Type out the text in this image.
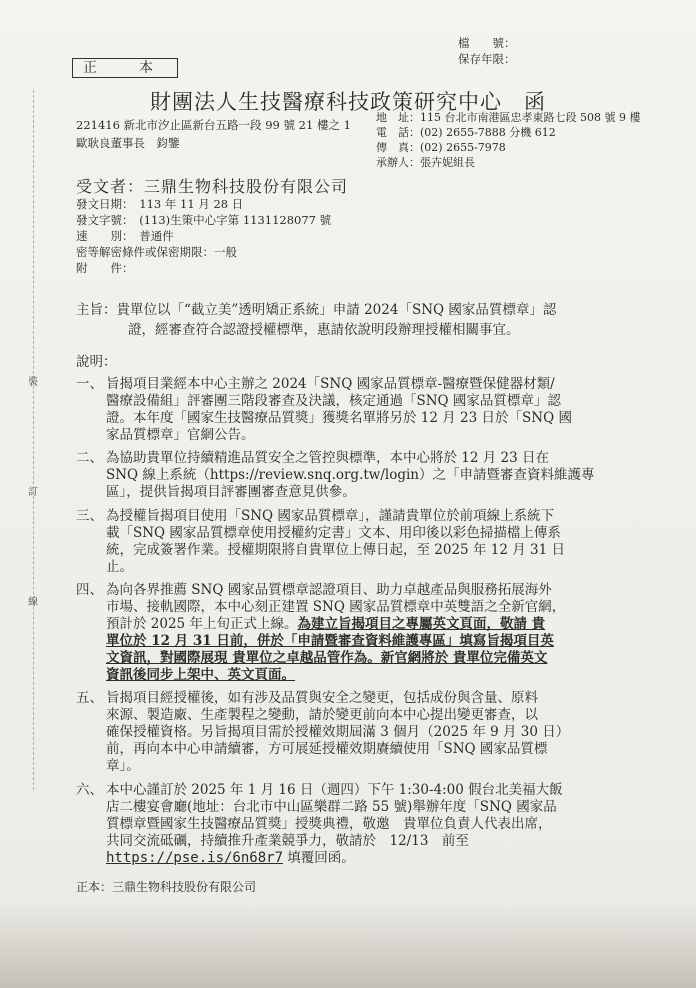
裝
訂
線
檔　　號：
保存年限：
正　本
財團法人生技醫療科技政策研究中心　函
221416 新北市汐止區新台五路一段 99 號 21 樓之 1
歐耿良董事長　鈞鑒
地　址：115 台北市南港區忠孝東路七段 508 號 9 樓
電　話：(02) 2655-7888 分機 612
傳　真：(02) 2655-7978
承辦人：張卉妮組長
受文者：三鼎生物科技股份有限公司
發文日期：　113 年 11 月 28 日
發文字號：　(113)生策中心字第 1131128077 號
速　　別：　普通件
密等解密條件或保密期限：一般
附　　件：
主旨：貴單位以「“截立美”透明矯正系統」申請 2024「SNQ 國家品質標章」認
證，經審查符合認證授權標準，惠請依說明段辦理授權相關事宜。
說明：
一、 旨揭項目業經本中心主辦之 2024「SNQ 國家品質標章-醫療暨保健器材類/
醫療設備組」評審團三階段審查及決議，核定通過「SNQ 國家品質標章」認
證。本年度「國家生技醫療品質獎」獲獎名單將另於 12 月 23 日於「SNQ 國
家品質標章」官網公告。
二、 為協助貴單位持續精進品質安全之管控與標準，本中心將於 12 月 23 日在
SNQ 線上系統（https://review.snq.org.tw/login）之「申請暨審查資料維護專
區」，提供旨揭項目評審團審查意見供參。
三、 為授權旨揭項目使用「SNQ 國家品質標章」，謹請貴單位於前項線上系統下
載「SNQ 國家品質標章使用授權約定書」文本、用印後以彩色掃描檔上傳系
統，完成簽署作業。授權期限將自貴單位上傳日起，至 2025 年 12 月 31 日
止。
四、 為向各界推薦 SNQ 國家品質標章認證項目、助力卓越產品與服務拓展海外
市場、接軌國際，本中心刻正建置 SNQ 國家品質標章中英雙語之全新官網，
預計於 2025 年上旬正式上線。為建立旨揭項目之專屬英文頁面，敬請 貴
單位於 12 月 31 日前，併於「申請暨審查資料維護專區」填寫旨揭項目英
文資訊，對國際展現 貴單位之卓越品管作為。新官網將於 貴單位完備英文
資訊後同步上架中、英文頁面。
五、 旨揭項目經授權後，如有涉及品質與安全之變更，包括成份與含量、原料
來源、製造廠、生產製程之變動，請於變更前向本中心提出變更審查，以
確保授權資格。另旨揭項目需於授權效期屆滿 3 個月（2025 年 9 月 30 日）
前，再向本中心申請續審，方可展延授權效期賡續使用「SNQ 國家品質標
章」。
六、 本中心謹訂於 2025 年 1 月 16 日（週四）下午 1:30-4:00 假台北美福大飯
店二樓宴會廳(地址：台北市中山區樂群二路 55 號)舉辦年度「SNQ 國家品
質標章暨國家生技醫療品質獎」授獎典禮，敬邀　貴單位負責人代表出席，
共同交流砥礪，持續推升產業競爭力，敬請於　12/13　前至
https://pse.is/6n68r7 填覆回函。
正本：三鼎生物科技股份有限公司
